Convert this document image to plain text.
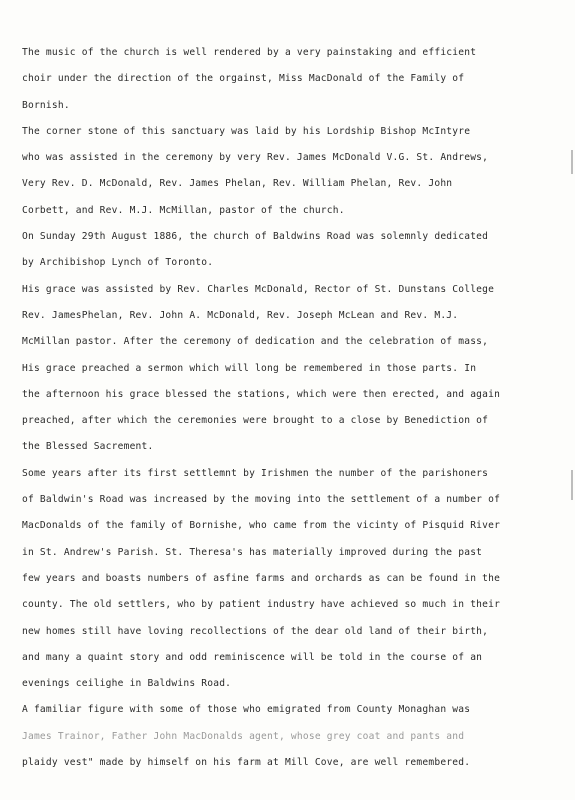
The music of the church is well rendered by a very painstaking and efficient
choir under the direction of the orgainst, Miss MacDonald of the Family of
Bornish.
The corner stone of this sanctuary was laid by his Lordship Bishop McIntyre
who was assisted in the ceremony by very Rev. James McDonald V.G. St. Andrews,
Very Rev. D. McDonald, Rev. James Phelan, Rev. William Phelan, Rev. John
Corbett, and Rev. M.J. McMillan, pastor of the church.
On Sunday 29th August 1886, the church of Baldwins Road was solemnly dedicated
by Archibishop Lynch of Toronto.
His grace was assisted by Rev. Charles McDonald, Rector of St. Dunstans College
Rev. JamesPhelan, Rev. John A. McDonald, Rev. Joseph McLean and Rev. M.J.
McMillan pastor. After the ceremony of dedication and the celebration of mass,
His grace preached a sermon which will long be remembered in those parts. In
the afternoon his grace blessed the stations, which were then erected, and again
preached, after which the ceremonies were brought to a close by Benediction of
the Blessed Sacrement.
Some years after its first settlemnt by Irishmen the number of the parishoners
of Baldwin's Road was increased by the moving into the settlement of a number of
MacDonalds of the family of Bornishe, who came from the vicinty of Pisquid River
in St. Andrew's Parish. St. Theresa's has materially improved during the past
few years and boasts numbers of asfine farms and orchards as can be found in the
county. The old settlers, who by patient industry have achieved so much in their
new homes still have loving recollections of the dear old land of their birth,
and many a quaint story and odd reminiscence will be told in the course of an
evenings ceilighe in Baldwins Road.
A familiar figure with some of those who emigrated from County Monaghan was
James Trainor, Father John MacDonalds agent, whose grey coat and pants and
plaidy vest" made by himself on his farm at Mill Cove, are well remembered.
